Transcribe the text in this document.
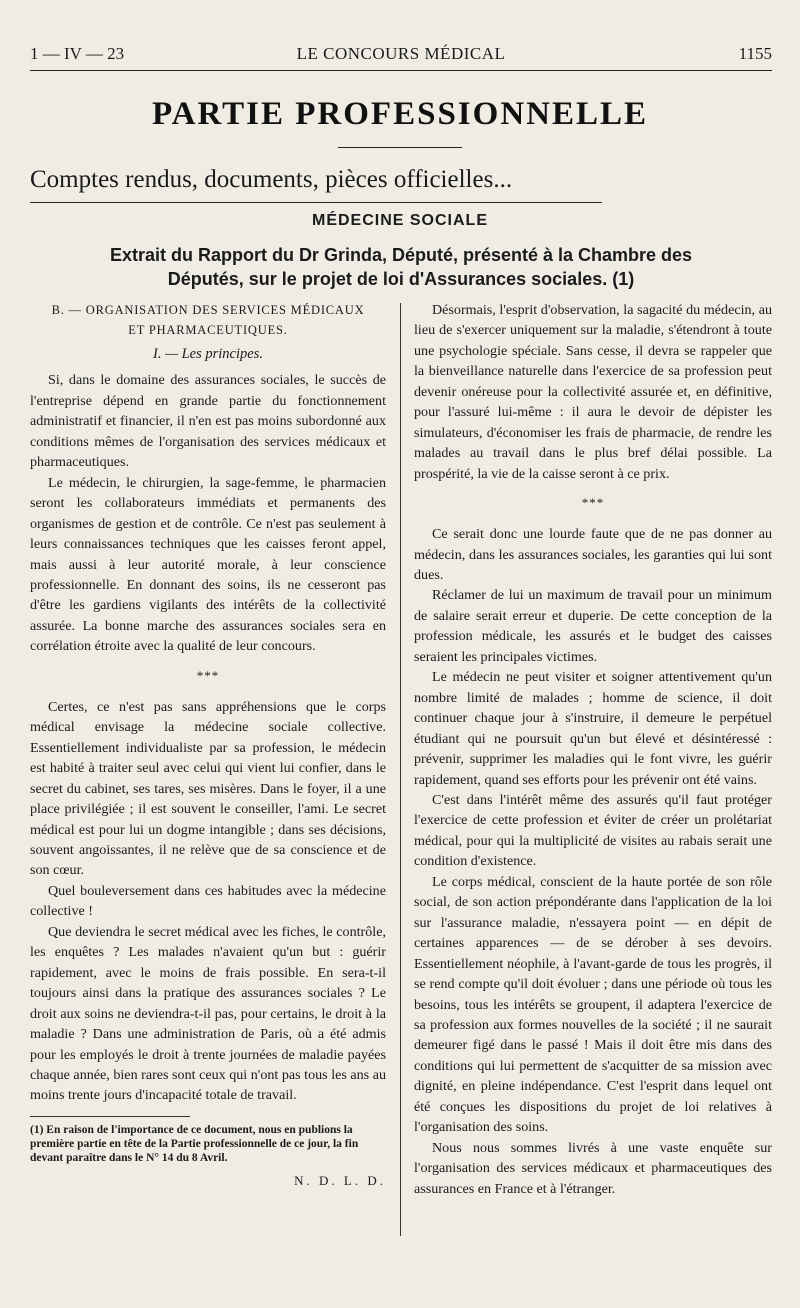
1 — IV — 23	LE CONCOURS MÉDICAL	1155
PARTIE PROFESSIONNELLE
Comptes rendus, documents, pièces officielles...
MÉDECINE SOCIALE
Extrait du Rapport du Dr Grinda, Député, présenté à la Chambre des
Députés, sur le projet de loi d'Assurances sociales. (1)

B. — ORGANISATION DES SERVICES MÉDICAUX

ET PHARMACEUTIQUES.

I. — Les principes.

Si, dans le domaine des assurances sociales, le succès de l'entreprise dépend en grande partie du fonctionnement administratif et financier, il n'en est pas moins subordonné aux conditions mêmes de l'organisation des services médicaux et pharmaceutiques.

Le médecin, le chirurgien, la sage-femme, le pharmacien seront les collaborateurs immédiats et permanents des organismes de gestion et de contrôle. Ce n'est pas seulement à leurs connaissances techniques que les caisses feront appel, mais aussi à leur autorité morale, à leur conscience professionnelle. En donnant des soins, ils ne cesseront pas d'être les gardiens vigilants des intérêts de la collectivité assurée. La bonne marche des assurances sociales sera en corrélation étroite avec la qualité de leur concours.

***

Certes, ce n'est pas sans appréhensions que le corps médical envisage la médecine sociale collective. Essentiellement individualiste par sa profession, le médecin est habité à traiter seul avec celui qui vient lui confier, dans le secret du cabinet, ses tares, ses misères. Dans le foyer, il a une place privilégiée ; il est souvent le conseiller, l'ami. Le secret médical est pour lui un dogme intangible ; dans ses décisions, souvent angoissantes, il ne relève que de sa conscience et de son cœur.

Quel bouleversement dans ces habitudes avec la médecine collective !

Que deviendra le secret médical avec les fiches, le contrôle, les enquêtes ? Les malades n'avaient qu'un but : guérir rapidement, avec le moins de frais possible. En sera-t-il toujours ainsi dans la pratique des assurances sociales ? Le droit aux soins ne deviendra-t-il pas, pour certains, le droit à la maladie ? Dans une administration de Paris, où a été admis pour les employés le droit à trente journées de maladie payées chaque année, bien rares sont ceux qui n'ont pas tous les ans au moins trente jours d'incapacité totale de travail.

(1) En raison de l'importance de ce document, nous en publions la première partie en tête de la Partie professionnelle de ce jour, la fin devant paraître dans le N° 14 du 8 Avril.

N. D. L. D.

Désormais, l'esprit d'observation, la sagacité du médecin, au lieu de s'exercer uniquement sur la maladie, s'étendront à toute une psychologie spéciale. Sans cesse, il devra se rappeler que la bienveillance naturelle dans l'exercice de sa profession peut devenir onéreuse pour la collectivité assurée et, en définitive, pour l'assuré lui-même : il aura le devoir de dépister les simulateurs, d'économiser les frais de pharmacie, de rendre les malades au travail dans le plus bref délai possible. La prospérité, la vie de la caisse seront à ce prix.

***

Ce serait donc une lourde faute que de ne pas donner au médecin, dans les assurances sociales, les garanties qui lui sont dues.

Réclamer de lui un maximum de travail pour un minimum de salaire serait erreur et duperie. De cette conception de la profession médicale, les assurés et le budget des caisses seraient les principales victimes.

Le médecin ne peut visiter et soigner attentivement qu'un nombre limité de malades ; homme de science, il doit continuer chaque jour à s'instruire, il demeure le perpétuel étudiant qui ne poursuit qu'un but élevé et désintéressé : prévenir, supprimer les maladies qui le font vivre, les guérir rapidement, quand ses efforts pour les prévenir ont été vains.

C'est dans l'intérêt même des assurés qu'il faut protéger l'exercice de cette profession et éviter de créer un prolétariat médical, pour qui la multiplicité de visites au rabais serait une condition d'existence.

Le corps médical, conscient de la haute portée de son rôle social, de son action prépondérante dans l'application de la loi sur l'assurance maladie, n'essayera point — en dépit de certaines apparences — de se dérober à ses devoirs. Essentiellement néophile, à l'avant-garde de tous les progrès, il se rend compte qu'il doit évoluer ; dans une période où tous les besoins, tous les intérêts se groupent, il adaptera l'exercice de sa profession aux formes nouvelles de la société ; il ne saurait demeurer figé dans le passé ! Mais il doit être mis dans des conditions qui lui permettent de s'acquitter de sa mission avec dignité, en pleine indépendance. C'est l'esprit dans lequel ont été conçues les dispositions du projet de loi relatives à l'organisation des soins.

Nous nous sommes livrés à une vaste enquête sur l'organisation des services médicaux et pharmaceutiques des assurances en France et à l'étranger.
